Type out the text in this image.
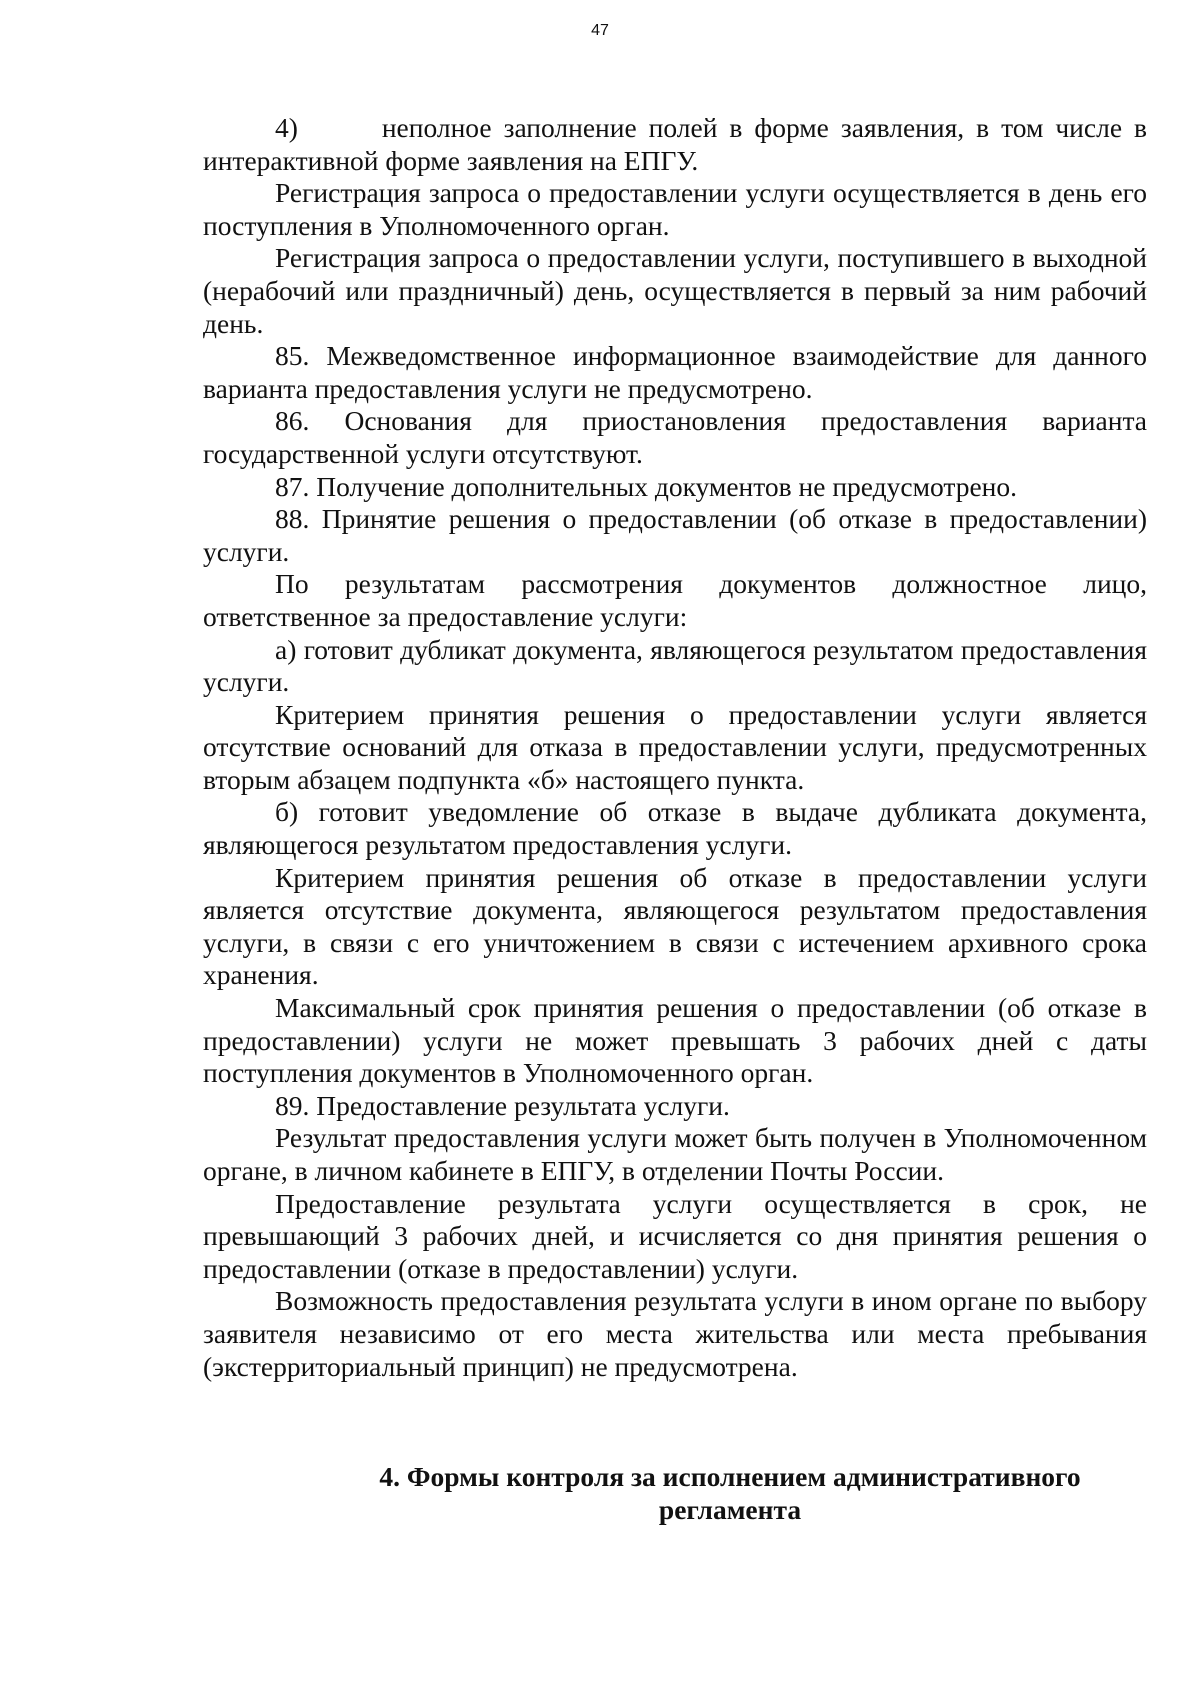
47

4)       неполное заполнение полей в форме заявления, в том числе в интерактивной форме заявления на ЕПГУ.

Регистрация запроса о предоставлении услуги осуществляется в день его поступления в Уполномоченного орган.

Регистрация запроса о предоставлении услуги, поступившего в выходной (нерабочий или праздничный) день, осуществляется в первый за ним рабочий день.

85. Межведомственное информационное взаимодействие для данного варианта предоставления услуги не предусмотрено.

86. Основания для приостановления предоставления варианта государственной услуги отсутствуют.

87. Получение дополнительных документов не предусмотрено.

88. Принятие решения о предоставлении (об отказе в предоставлении) услуги.

По результатам рассмотрения документов должностное лицо, ответственное за предоставление услуги:

а) готовит дубликат документа, являющегося результатом предоставления услуги.

Критерием принятия решения о предоставлении услуги является отсутствие оснований для отказа в предоставлении услуги, предусмотренных вторым абзацем подпункта «б» настоящего пункта.

б) готовит уведомление об отказе в выдаче дубликата документа, являющегося результатом предоставления услуги.

Критерием принятия решения об отказе в предоставлении услуги является отсутствие документа, являющегося результатом предоставления услуги, в связи с его уничтожением в связи с истечением архивного срока хранения.

Максимальный срок принятия решения о предоставлении (об отказе в предоставлении) услуги не может превышать 3 рабочих дней с даты поступления документов в Уполномоченного орган.

89. Предоставление результата услуги.

Результат предоставления услуги может быть получен в Уполномоченном органе, в личном кабинете в ЕПГУ, в отделении Почты России.

Предоставление результата услуги осуществляется в срок, не превышающий 3 рабочих дней, и исчисляется со дня принятия решения о предоставлении (отказе в предоставлении) услуги.

Возможность предоставления результата услуги в ином органе по выбору заявителя независимо от его места жительства или места пребывания (экстерриториальный принцип) не предусмотрена.

4. Формы контроля за исполнением административного регламента
